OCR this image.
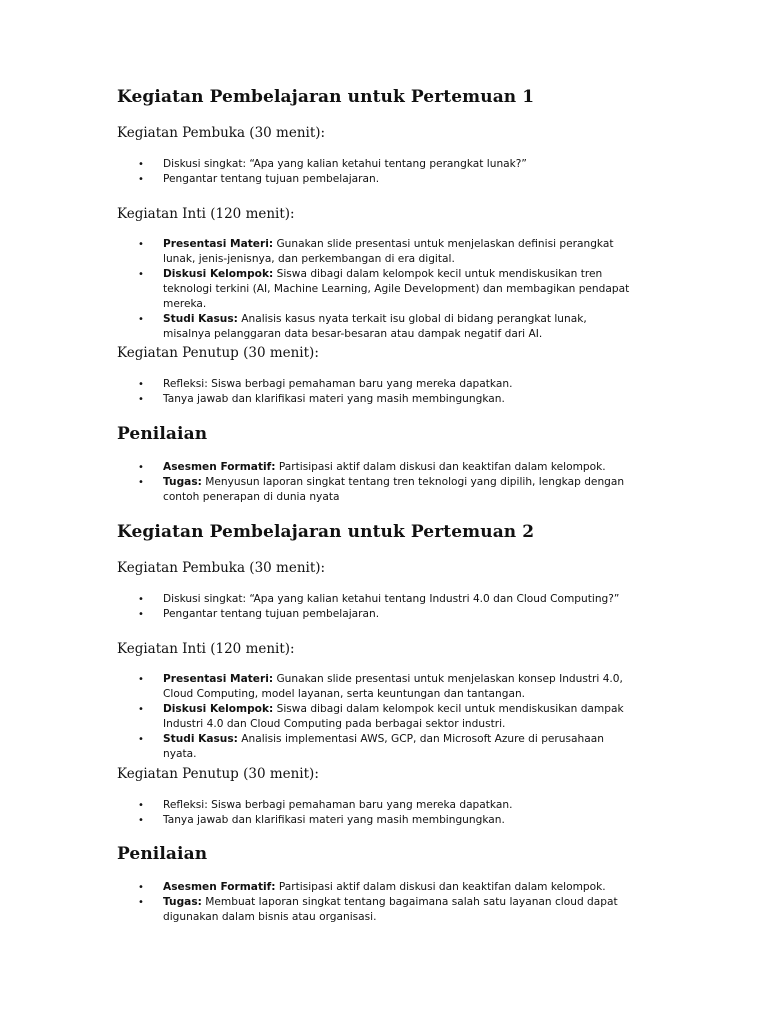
Kegiatan Pembelajaran untuk Pertemuan 1
Kegiatan Pembuka (30 menit):
• Diskusi singkat: “Apa yang kalian ketahui tentang perangkat lunak?”
• Pengantar tentang tujuan pembelajaran.
Kegiatan Inti (120 menit):
• Presentasi Materi: Gunakan slide presentasi untuk menjelaskan definisi perangkat lunak, jenis-jenisnya, dan perkembangan di era digital.
• Diskusi Kelompok: Siswa dibagi dalam kelompok kecil untuk mendiskusikan tren teknologi terkini (AI, Machine Learning, Agile Development) dan membagikan pendapat mereka.
• Studi Kasus: Analisis kasus nyata terkait isu global di bidang perangkat lunak, misalnya pelanggaran data besar-besaran atau dampak negatif dari AI.
Kegiatan Penutup (30 menit):
• Refleksi: Siswa berbagi pemahaman baru yang mereka dapatkan.
• Tanya jawab dan klarifikasi materi yang masih membingungkan.
Penilaian
• Asesmen Formatif: Partisipasi aktif dalam diskusi dan keaktifan dalam kelompok.
• Tugas: Menyusun laporan singkat tentang tren teknologi yang dipilih, lengkap dengan contoh penerapan di dunia nyata
Kegiatan Pembelajaran untuk Pertemuan 2
Kegiatan Pembuka (30 menit):
• Diskusi singkat: “Apa yang kalian ketahui tentang Industri 4.0 dan Cloud Computing?”
• Pengantar tentang tujuan pembelajaran.
Kegiatan Inti (120 menit):
• Presentasi Materi: Gunakan slide presentasi untuk menjelaskan konsep Industri 4.0, Cloud Computing, model layanan, serta keuntungan dan tantangan.
• Diskusi Kelompok: Siswa dibagi dalam kelompok kecil untuk mendiskusikan dampak Industri 4.0 dan Cloud Computing pada berbagai sektor industri.
• Studi Kasus: Analisis implementasi AWS, GCP, dan Microsoft Azure di perusahaan nyata.
Kegiatan Penutup (30 menit):
• Refleksi: Siswa berbagi pemahaman baru yang mereka dapatkan.
• Tanya jawab dan klarifikasi materi yang masih membingungkan.
Penilaian
• Asesmen Formatif: Partisipasi aktif dalam diskusi dan keaktifan dalam kelompok.
• Tugas: Membuat laporan singkat tentang bagaimana salah satu layanan cloud dapat digunakan dalam bisnis atau organisasi.
